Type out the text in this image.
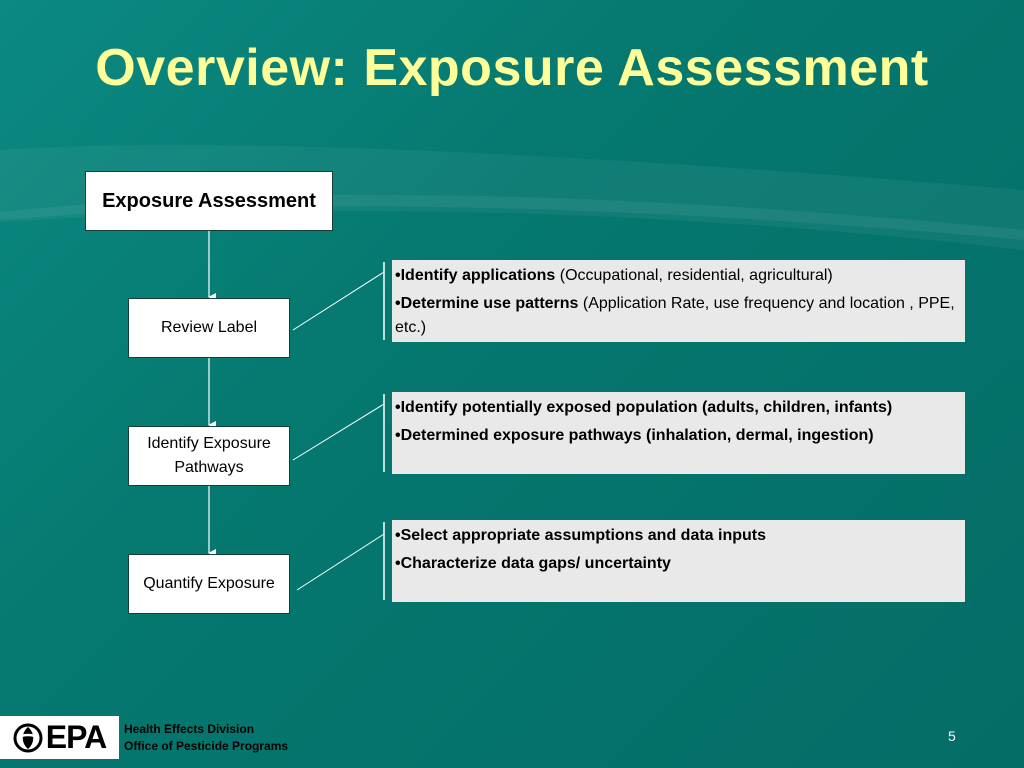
Overview: Exposure Assessment
Exposure Assessment
Review Label
Identify Exposure Pathways
Quantify Exposure

•Identify applications (Occupational, residential, agricultural)

•Determine use patterns (Application Rate, use frequency and location , PPE, etc.)

•Identify potentially exposed population (adults, children, infants)

•Determined exposure pathways (inhalation, dermal, ingestion)

•Select appropriate assumptions and data inputs

•Characterize data gaps/ uncertainty

EPA Health Effects Division
Office of Pesticide Programs
5
